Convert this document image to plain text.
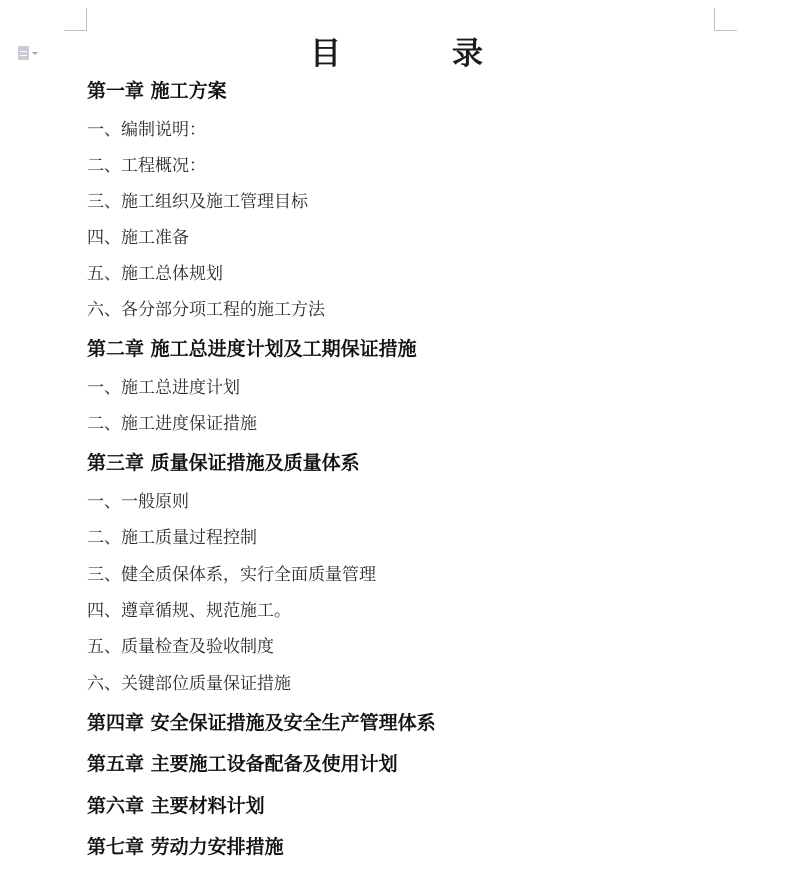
目　录
第一章 施工方案
一、编制说明：
二、工程概况：
三、施工组织及施工管理目标
四、施工准备
五、施工总体规划
六、各分部分项工程的施工方法
第二章 施工总进度计划及工期保证措施
一、施工总进度计划
二、施工进度保证措施
第三章 质量保证措施及质量体系
一、一般原则
二、施工质量过程控制
三、健全质保体系，实行全面质量管理
四、遵章循规、规范施工。
五、质量检查及验收制度
六、关键部位质量保证措施
第四章 安全保证措施及安全生产管理体系
第五章 主要施工设备配备及使用计划
第六章 主要材料计划
第七章 劳动力安排措施
